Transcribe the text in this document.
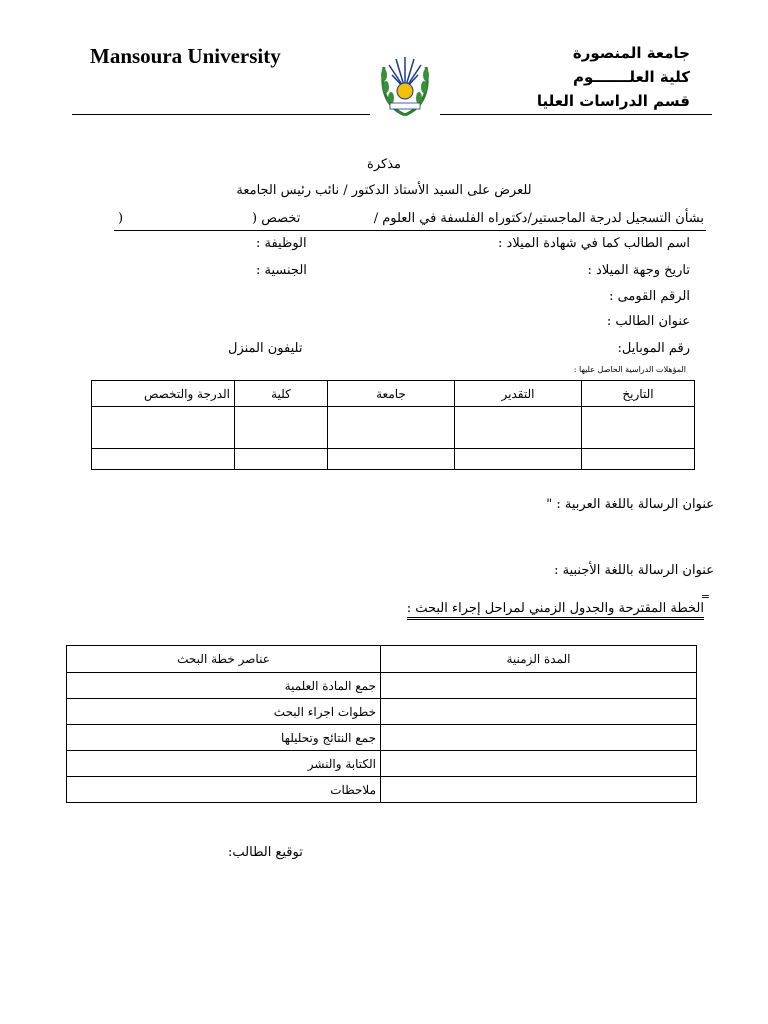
Mansoura University	جامعة المنصورة
كلية العلـــــــوم
قسم الدراسات العليا
مذكرة
للعرض على السيد الأستاذ الدكتور / نائب رئيس الجامعة
بشأن التسجيل لدرجة الماجستير/دكتوراه الفلسفة في العلوم /
تخصص (
)
اسم الطالب كما في شهادة الميلاد :
الوظيفة :
تاريخ وجهة الميلاد :
الجنسية :
الرقم القومى :
عنوان الطالب :
رقم الموبايل:
تليفون المنزل
المؤهلات الدراسية الحاصل عليها :
الدرجة والتخصص	كلية	جامعة	التقدير	التاريخ

عنوان الرسالة باللغة العربية : "
عنوان الرسالة باللغة الأجنبية :
=
الخطة المقترحة والجدول الزمني لمراحل إجراء البحث :
عناصر خطة البحث	المدة الزمنية
جمع المادة العلمية	
خطوات اجراء البحث	
جمع النتائج وتحليلها	
الكتابة والنشر	
ملاحظات	
توقيع الطالب:
